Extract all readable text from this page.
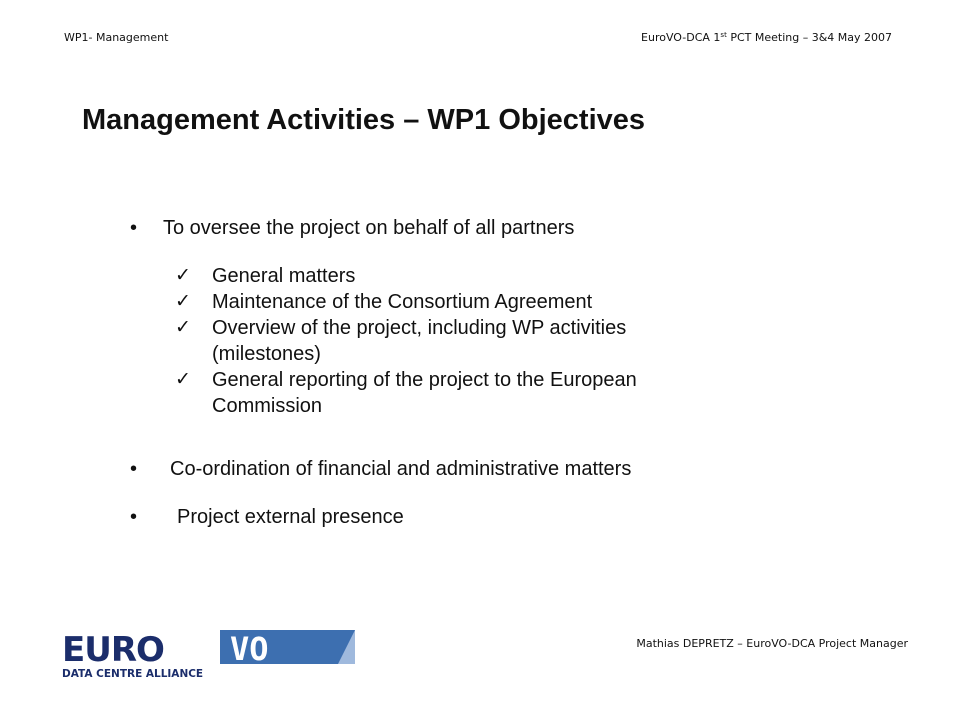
WP1- Management	EuroVO-DCA 1st PCT Meeting – 3&4 May 2007
Management Activities – WP1 Objectives
• To oversee the project on behalf of all partners
✓ General matters
✓ Maintenance of the Consortium Agreement
✓ Overview of the project, including WP activities
(milestones)
✓ General reporting of the project to the European
Commission
• Co-ordination of financial and administrative matters
• Project external presence
EURO VO
DATA CENTRE ALLIANCE
Mathias DEPRETZ – EuroVO-DCA Project Manager
